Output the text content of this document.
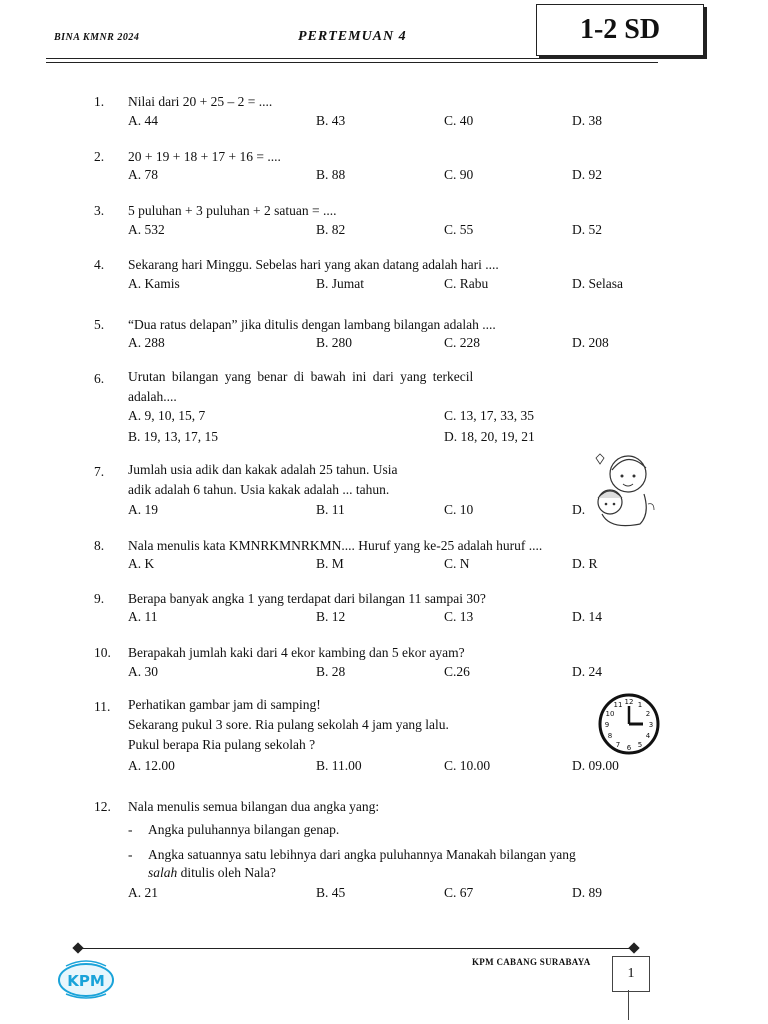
BINA KMNR 2024	PERTEMUAN 4	1-2 SD
1. Nilai dari 20 + 25 – 2 = ....
A. 44	B. 43	C. 40	D. 38
2. 20 + 19 + 18 + 17 + 16 = ....
A. 78	B. 88	C. 90	D. 92
3. 5 puluhan + 3 puluhan + 2 satuan = ....
A. 532	B. 82	C. 55	D. 52
4. Sekarang hari Minggu. Sebelas hari yang akan datang adalah hari ....
A. Kamis	B. Jumat	C. Rabu	D. Selasa
5. “Dua ratus delapan” jika ditulis dengan lambang bilangan adalah ....
A. 288	B. 280	C. 228	D. 208
6. Urutan bilangan yang benar di bawah ini dari yang terkecil
adalah....
A. 9, 10, 15, 7	C. 13, 17, 33, 35
B. 19, 13, 17, 15	D. 18, 20, 19, 21
7. Jumlah usia adik dan kakak adalah 25 tahun. Usia
adik adalah 6 tahun. Usia kakak adalah ... tahun.
A. 19	B. 11	C. 10	D.
8. Nala menulis kata KMNRKMNRKMN.... Huruf yang ke-25 adalah huruf ....
A. K	B. M	C. N	D. R
9. Berapa banyak angka 1 yang terdapat dari bilangan 11 sampai 30?
A. 11	B. 12	C. 13	D. 14
10. Berapakah jumlah kaki dari 4 ekor kambing dan 5 ekor ayam?
A. 30	B. 28	C.26	D. 24
11. Perhatikan gambar jam di samping!
Sekarang pukul 3 sore. Ria pulang sekolah 4 jam yang lalu.
Pukul berapa Ria pulang sekolah ?
A. 12.00	B. 11.00	C. 10.00	D. 09.00
12 1
2
3
4
5
6
7
8
9
10
11
12. Nala menulis semua bilangan dua angka yang:
- Angka puluhannya bilangan genap.
- Angka satuannya satu lebihnya dari angka puluhannya Manakah bilangan yang
salah ditulis oleh Nala?
A. 21	B. 45	C. 67	D. 89
KPM CABANG SURABAYA
1
KPM
